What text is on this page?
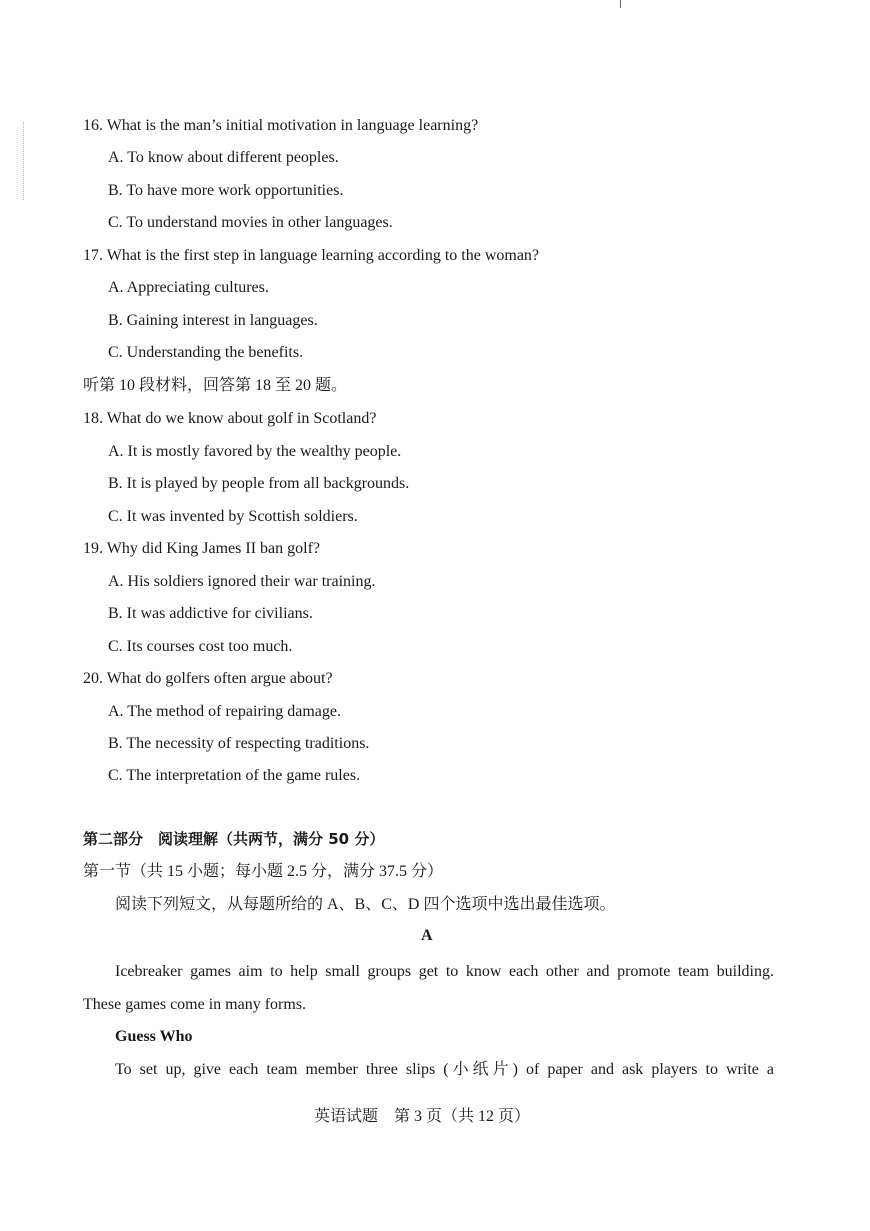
16. What is the man’s initial motivation in language learning?
A. To know about different peoples.
B. To have more work opportunities.
C. To understand movies in other languages.
17. What is the first step in language learning according to the woman?
A. Appreciating cultures.
B. Gaining interest in languages.
C. Understanding the benefits.
听第 10 段材料，回答第 18 至 20 题。
18. What do we know about golf in Scotland?
A. It is mostly favored by the wealthy people.
B. It is played by people from all backgrounds.
C. It was invented by Scottish soldiers.
19. Why did King James II ban golf?
A. His soldiers ignored their war training.
B. It was addictive for civilians.
C. Its courses cost too much.
20. What do golfers often argue about?
A. The method of repairing damage.
B. The necessity of respecting traditions.
C. The interpretation of the game rules.
第二部分　阅读理解（共两节，满分 50 分）
第一节（共 15 小题；每小题 2.5 分，满分 37.5 分）
阅读下列短文，从每题所给的 A、B、C、D 四个选项中选出最佳选项。
A
Icebreaker games aim to help small groups get to know each other and promote team building.
These games come in many forms.
Guess Who
To set up, give each team member three slips (小纸片) of paper and ask players to write a
英语试题　第 3 页（共 12 页）
